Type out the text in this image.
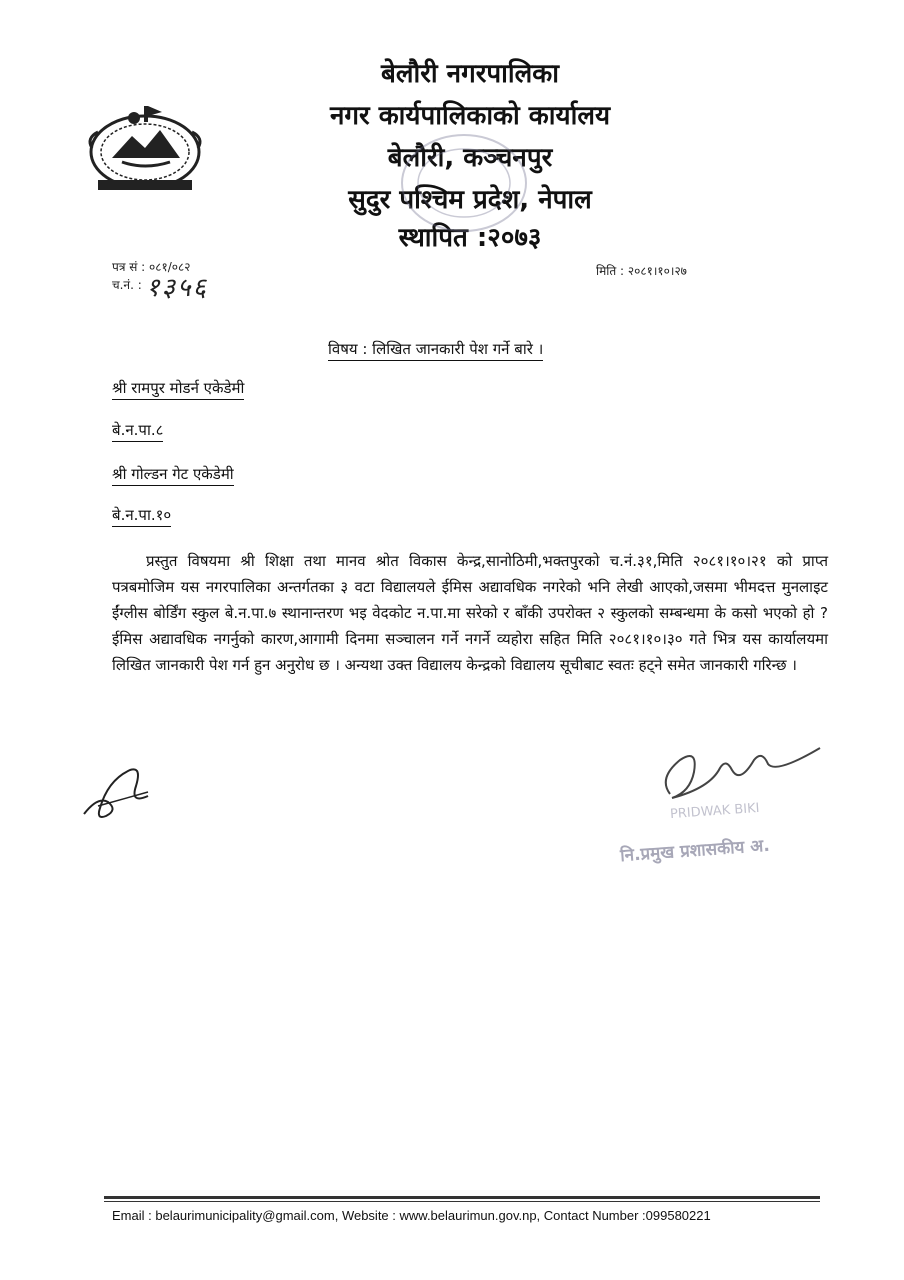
बेलौरी नगरपालिका
नगर कार्यपालिकाको कार्यालय
बेलौरी, कञ्चनपुर
सुदुर पश्चिम प्रदेश, नेपाल
स्थापित :२०७३
पत्र सं : ०८१/०८२
च.नं. : १३५६
मिति : २०८१।१०।२७
विषय : लिखित जानकारी पेश गर्ने बारे ।
श्री रामपुर मोडर्न एकेडेमी
बे.न.पा.८
श्री गोल्डन गेट एकेडेमी
बे.न.पा.१०
प्रस्तुत विषयमा श्री शिक्षा तथा मानव श्रोत विकास केन्द्र,सानोठिमी,भक्तपुरको च.नं.३१,मिति २०८१।१०।२१ को प्राप्त पत्रबमोजिम यस नगरपालिका अन्तर्गतका ३ वटा विद्यालयले ईमिस अद्यावधिक नगरेको भनि लेखी आएको,जसमा भीमदत्त मुनलाइट ईंग्लीस बोर्डिंग स्कुल बे.न.पा.७ स्थानान्तरण भइ वेदकोट न.पा.मा सरेको र बाँकी उपरोक्त २ स्कुलको सम्बन्धमा के कसो भएको हो ? ईमिस अद्यावधिक नगर्नुको कारण,आगामी दिनमा सञ्चालन गर्ने नगर्ने व्यहोरा सहित मिति २०८१।१०।३० गते भित्र यस कार्यालयमा लिखित जानकारी पेश गर्न हुन अनुरोध छ । अन्यथा उक्त विद्यालय केन्द्रको विद्यालय सूचीबाट स्वतः हट्ने समेत जानकारी गरिन्छ ।
PRIDWAK BIKI
नि.प्रमुख प्रशासकीय अ.
Email : belaurimunicipality@gmail.com, Website : www.belaurimun.gov.np, Contact Number :099580221
